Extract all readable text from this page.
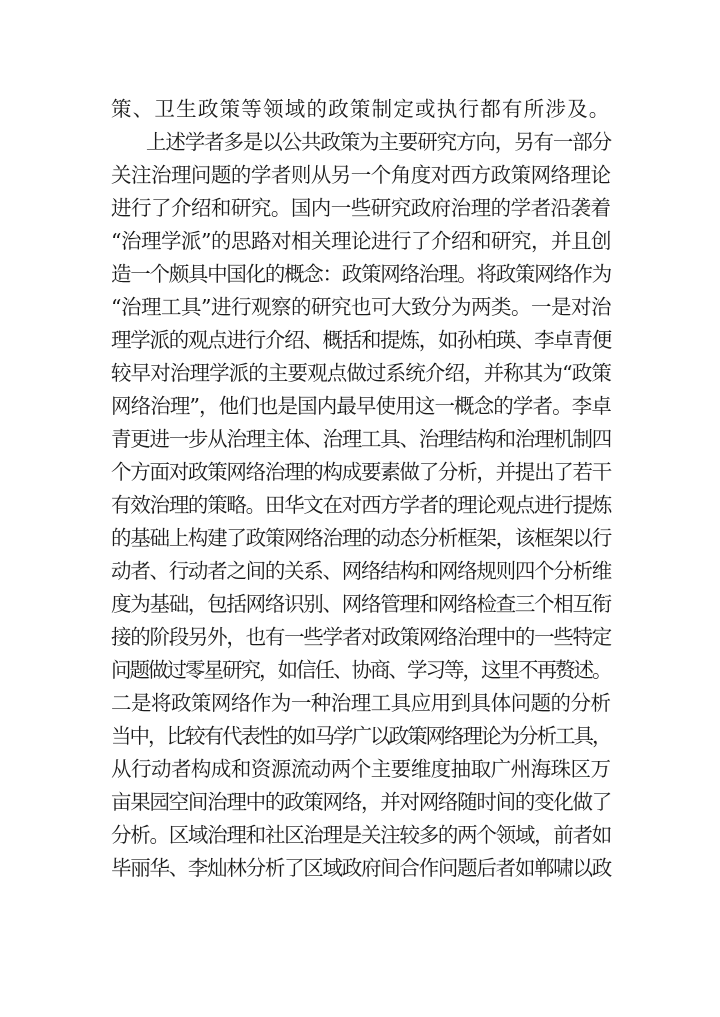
策、卫生政策等领域的政策制定或执行都有所涉及。
上述学者多是以公共政策为主要研究方向，另有一部分
关注治理问题的学者则从另一个角度对西方政策网络理论
进行了介绍和研究。国内一些研究政府治理的学者沿袭着
“治理学派”的思路对相关理论进行了介绍和研究，并且创
造一个颇具中国化的概念：政策网络治理。将政策网络作为
“治理工具”进行观察的研究也可大致分为两类。一是对治
理学派的观点进行介绍、概括和提炼，如孙柏瑛、李卓青便
较早对治理学派的主要观点做过系统介绍，并称其为“政策
网络治理”，他们也是国内最早使用这一概念的学者。李卓
青更进一步从治理主体、治理工具、治理结构和治理机制四
个方面对政策网络治理的构成要素做了分析，并提出了若干
有效治理的策略。田华文在对西方学者的理论观点进行提炼
的基础上构建了政策网络治理的动态分析框架，该框架以行
动者、行动者之间的关系、网络结构和网络规则四个分析维
度为基础，包括网络识别、网络管理和网络检查三个相互衔
接的阶段另外，也有一些学者对政策网络治理中的一些特定
问题做过零星研究，如信任、协商、学习等，这里不再赘述。
二是将政策网络作为一种治理工具应用到具体问题的分析
当中，比较有代表性的如马学广以政策网络理论为分析工具，
从行动者构成和资源流动两个主要维度抽取广州海珠区万
亩果园空间治理中的政策网络，并对网络随时间的变化做了
分析。区域治理和社区治理是关注较多的两个领域，前者如
毕丽华、李灿林分析了区域政府间合作问题后者如郸啸以政
